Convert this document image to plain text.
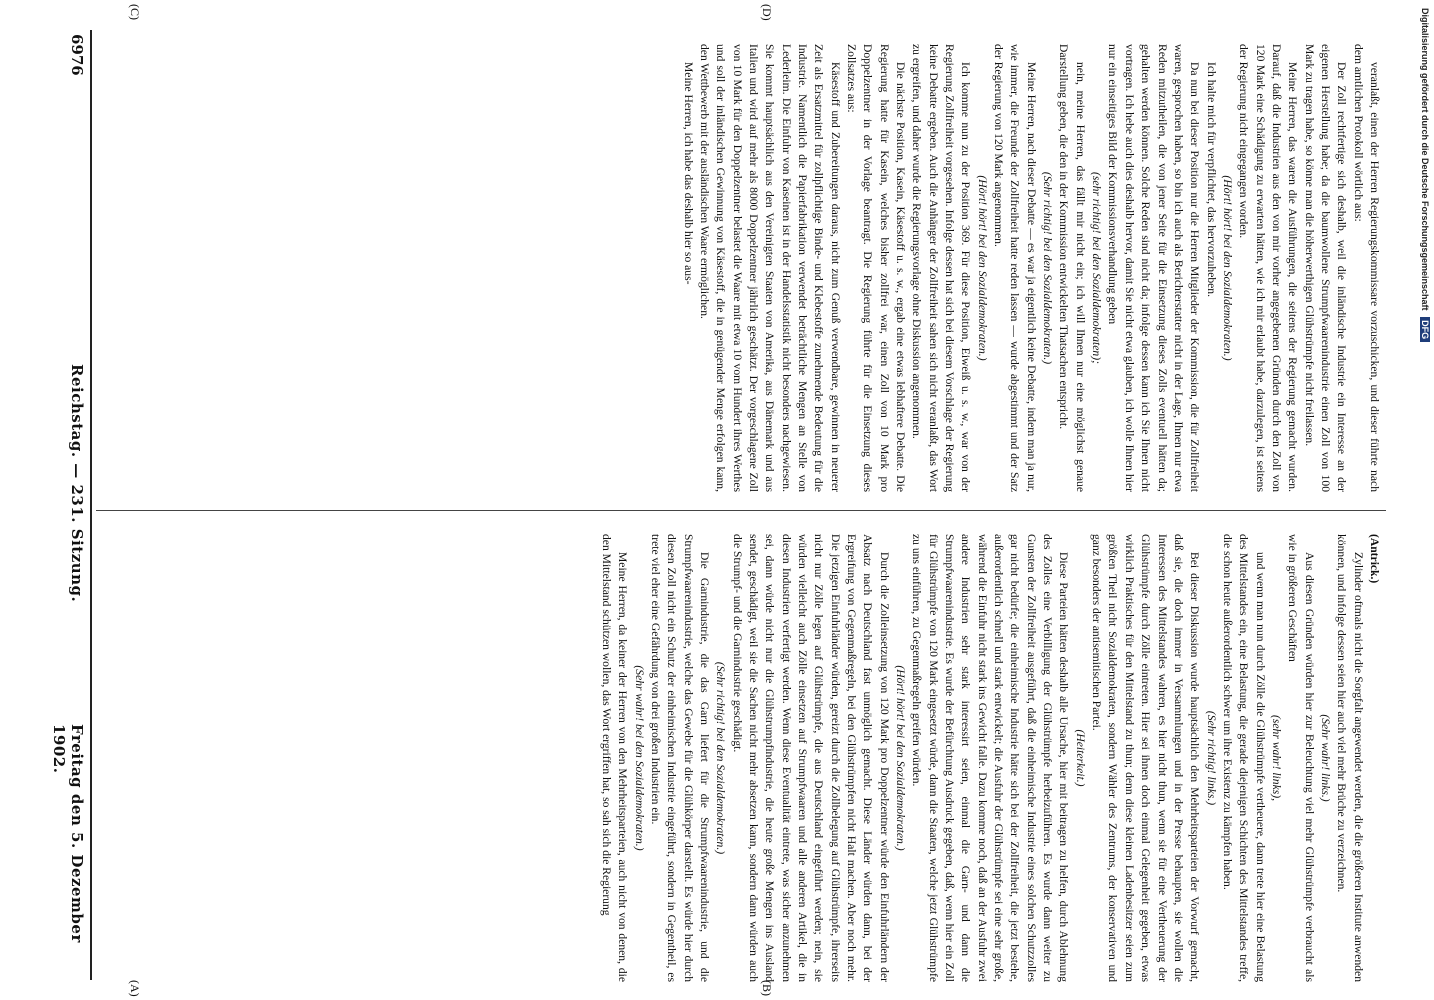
6976
Reichstag. — 231. Sitzung.
Freitag den 5. Dezember 1902.
(A)	(B)
(C)	(D)

(Antrick.)

Zylinder oftmals nicht die Sorgfalt angewendet werden, die die größeren Institute anwenden können, und infolge dessen seien hier auch viel mehr Brüche zu verzeichnen.

(Sehr wahr! links.)

Aus diesen Gründen würden hier zur Beleuchtung viel mehr Glühstrümpfe verbraucht als wie in größeren Geschäften

(sehr wahr! links),

und wenn man nun durch Zölle die Glühstrümpfe vertheuere, dann trete hier eine Belastung des Mittelstandes ein, eine Belastung, die gerade diejenigen Schichten des Mittelstandes treffe, die schon heute außerordentlich schwer um ihre Existenz zu kämpfen haben.

(Sehr richtig! links.)

Bei dieser Diskussion wurde hauptsächlich den Mehrheitsparteien der Vorwurf gemacht, daß sie, die doch immer in Versammlungen und in der Presse behaupten, sie wollen die Interessen des Mittelstandes wahren, es hier nicht thun, wenn sie für eine Vertheuerung der Glühstrümpfe durch Zölle eintreten. Hier sei ihnen doch einmal Gelegenheit gegeben, etwas wirklich Praktisches für den Mittelstand zu thun; denn diese kleinen Ladenbesitzer seien zum größten Theil nicht Sozialdemokraten, sondern Wähler des Zentrums, der konservativen und ganz besonders der antisemitischen Partei.

(Heiterkeit.)

Diese Parteien hätten deshalb alle Ursache, hier mit beitragen zu helfen, durch Ablehnung des Zolles eine Verbilligung der Glühstrümpfe herbeizuführen. Es wurde dann weiter zu Gunsten der Zollfreiheit ausgeführt, daß die einheimische Industrie eines solchen Schutzzolles gar nicht bedürfe; die einheimische Industrie hätte sich bei der Zollfreiheit, die jetzt bestehe, außerordentlich schnell und stark entwickelt; die Ausfuhr der Glühstrümpfe sei eine sehr große, während die Einfuhr nicht stark ins Gewicht falle. Dazu komme noch, daß an der Ausfuhr zwei andere Industrien sehr stark interessirt seien, einmal die Garn- und dann die Strumpfwaarenindustrie. Es wurde der Befürchtung Ausdruck gegeben, daß, wenn hier ein Zoll für Glühstrümpfe von 120 Mark eingesetzt würde, dann die Staaten, welche jetzt Glühstrümpfe zu uns einführen, zu Gegenmaßregeln greifen würden.

(Hört! hört! bei den Sozialdemokraten.)

Durch die Zolleinsetzung von 120 Mark pro Doppelzentner würde den Einfuhrländern der Absatz nach Deutschland fast unmöglich gemacht. Diese Länder würden dann, bei der Ergreifung von Gegenmaßregeln, bei den Glühstrümpfen nicht Halt machen. Aber noch mehr. Die jetzigen Einfuhrländer würden, gereizt durch die Zollbelegung auf Glühstrümpfe, ihrerseits nicht nur Zölle legen auf Glühstrümpfe, die aus Deutschland eingeführt werden; nein, sie würden vielleicht auch Zölle einsetzen auf Strumpfwaaren und alle anderen Artikel, die in diesen Industrien verfertigt werden. Wenn diese Eventualität eintrete, was sicher anzunehmen sei, dann würde nicht nur die Glühstrumpfindustrie, die heute große Mengen ins Ausland sendet, geschädigt, weil sie die Sachen nicht mehr absetzen kann, sondern dann würden auch die Strumpf- und die Garnindustrie geschädigt.

(Sehr richtig! bei den Sozialdemokraten.)

Die Garnindustrie, die das Garn liefert für die Strumpfwaarenindustrie, und die Strumpfwaarenindustrie, welche das Gewebe für die Glühkörper darstellt. Es würde hier durch diesen Zoll nicht ein Schutz der einheimischen Industrie eingeführt, sondern in Gegentheil, es trete viel eher eine Gefährdung von drei großen Industrien ein.

(Sehr wahr! bei den Sozialdemokraten.)

Meine Herren, da keiner der Herren von den Mehrheitsparteien, auch nicht von denen, die den Mittelstand schützen wollen, das Wort ergriffen hat, so sah sich die Regierung

veranlaßt, einen der Herren Regierungskommissare vorzuschicken, und dieser führte nach dem amtlichen Protokoll wörtlich aus:

Der Zoll rechtfertige sich deshalb, weil die inländische Industrie ein Interesse an der eigenen Herstellung habe; da die baumwollene Strumpfwaarenindustrie einen Zoll von 100 Mark zu tragen habe, so könne man die höherwerthigen Glühstrümpfe nicht freilassen.

Meine Herren, das waren die Ausführungen, die seitens der Regierung gemacht wurden. Darauf, daß die Industrien aus den von mir vorher angegebenen Gründen durch den Zoll von 120 Mark eine Schädigung zu erwarten hätten, wie ich mir erlaubt habe, darzulegen, ist seitens der Regierung nicht eingegangen worden.

(Hört! hört! bei den Sozialdemokraten.)

Ich halte mich für verpflichtet, das hervorzuheben.

Da nun bei dieser Position nur die Herren Mitglieder der Kommission, die für Zollfreiheit waren, gesprochen haben, so bin ich auch als Berichterstatter nicht in der Lage, Ihnen nur etwa Reden mitzutheilen, die von jener Seite für die Einsetzung dieses Zolls eventuell hätten da; gehalten werden können. Solche Reden sind nicht da; infolge dessen kann ich Sie Ihnen nicht vortragen. Ich hebe auch dies deshalb hervor, damit Sie nicht etwa glauben, ich wolle Ihnen hier nur ein einseitiges Bild der Kommissionsverhandlung geben

(sehr richtig! bei den Sozialdemokraten);

nein, meine Herren, das fällt mir nicht ein; ich will Ihnen nur eine möglichst genaue Darstellung geben, die den in der Kommission entwickelten Thatsachen entspricht.

(Sehr richtig! bei den Sozialdemokraten.)

Meine Herren, nach dieser Debatte — es war ja eigentlich keine Debatte, indem man ja nur, wie immer, die Freunde der Zollfreiheit hatte reden lassen — wurde abgestimmt und der Satz der Regierung von 120 Mark angenommen.

(Hört! hört! bei den Sozialdemokraten.)

Ich komme nun zu der Position 369. Für diese Position, Eiweiß u. s. w., war von der Regierung Zollfreiheit vorgesehen. Infolge dessen hat sich bei diesem Vorschlage der Regierung keine Debatte ergeben. Auch die Anhänger der Zollfreiheit sahen sich nicht veranlaßt, das Wort zu ergreifen, und daher wurde die Regierungsvorlage ohne Diskussion angenommen.

Die nächste Position, Kasein, Käsestoff u. s. w., ergab eine etwas lebhaftere Debatte. Die Regierung hatte für Kasein, welches bisher zollfrei war, einen Zoll von 10 Mark pro Doppelzentner in der Vorlage beantragt. Die Regierung führte für die Einsetzung dieses Zollsatzes aus:

Käsestoff und Zubereitungen daraus, nicht zum Genuß verwendbare, gewinnen in neuerer Zeit als Ersatzmittel für zollpflichtige Binde- und Klebestoffe zunehmende Bedeutung für die Industrie. Namentlich die Papierfabrikation verwendet beträchtliche Mengen an Stelle von Lederleim. Die Einfuhr von Kaseinen ist in der Handelsstatistik nicht besonders nachgewiesen. Sie kommt hauptsächlich aus den Vereinigten Staaten von Amerika, aus Dänemark und aus Italien und wird auf mehr als 8000 Doppelzentner jährlich geschätzt. Der vorgeschlagene Zoll von 10 Mark für den Doppelzentner belastet die Waare mit etwa 10 vom Hundert ihres Werthes und soll der inländischen Gewinnung von Käsestoff, die in genügender Menge erfolgen kann, den Wettbewerb mit der ausländischen Waare ermöglichen.

Meine Herren, ich habe das deshalb hier so aus-	Digitalisierung gefördert durch die Deutsche Forschungsgemeinschaft DFG
